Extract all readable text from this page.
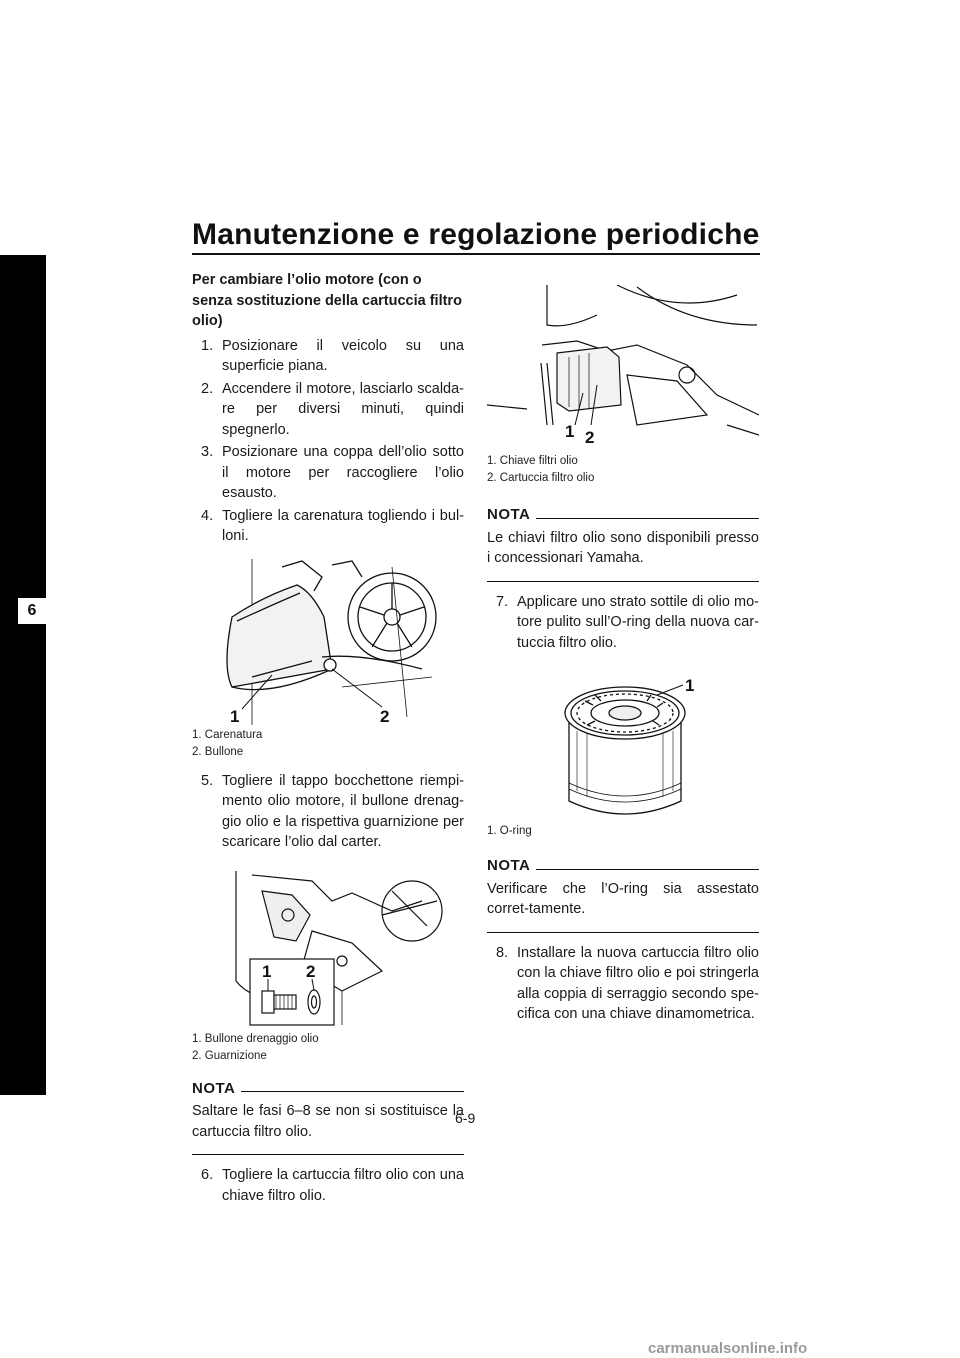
Manutenzione e regolazione periodiche
6
Per cambiare l’olio motore (con o senza sostituzione della cartuccia filtro olio)
1. Posizionare il veicolo su una superficie piana.
2. Accendere il motore, lasciarlo scalda-re per diversi minuti, quindi spegnerlo.
3. Posizionare una coppa dell’olio sotto il motore per raccogliere l’olio esausto.
4. Togliere la carenatura togliendo i bul-loni.
1	2
1. Carenatura
2. Bullone
5. Togliere il tappo bocchettone riempi-mento olio motore, il bullone drenag-gio olio e la rispettiva guarnizione per scaricare l’olio dal carter.
1 2
1. Bullone drenaggio olio
2. Guarnizione
NOTA
Saltare le fasi 6–8 se non si sostituisce la cartuccia filtro olio.
6. Togliere la cartuccia filtro olio con una chiave filtro olio.
1 2
1. Chiave filtri olio
2. Cartuccia filtro olio
NOTA
Le chiavi filtro olio sono disponibili presso i concessionari Yamaha.
7. Applicare uno strato sottile di olio mo-tore pulito sull’O-ring della nuova car-tuccia filtro olio.
1
1. O-ring
NOTA
Verificare che l’O-ring sia assestato corret-tamente.
8. Installare la nuova cartuccia filtro olio con la chiave filtro olio e poi stringerla alla coppia di serraggio secondo spe-cifica con una chiave dinamometrica.
6-9
carmanualsonline.info
